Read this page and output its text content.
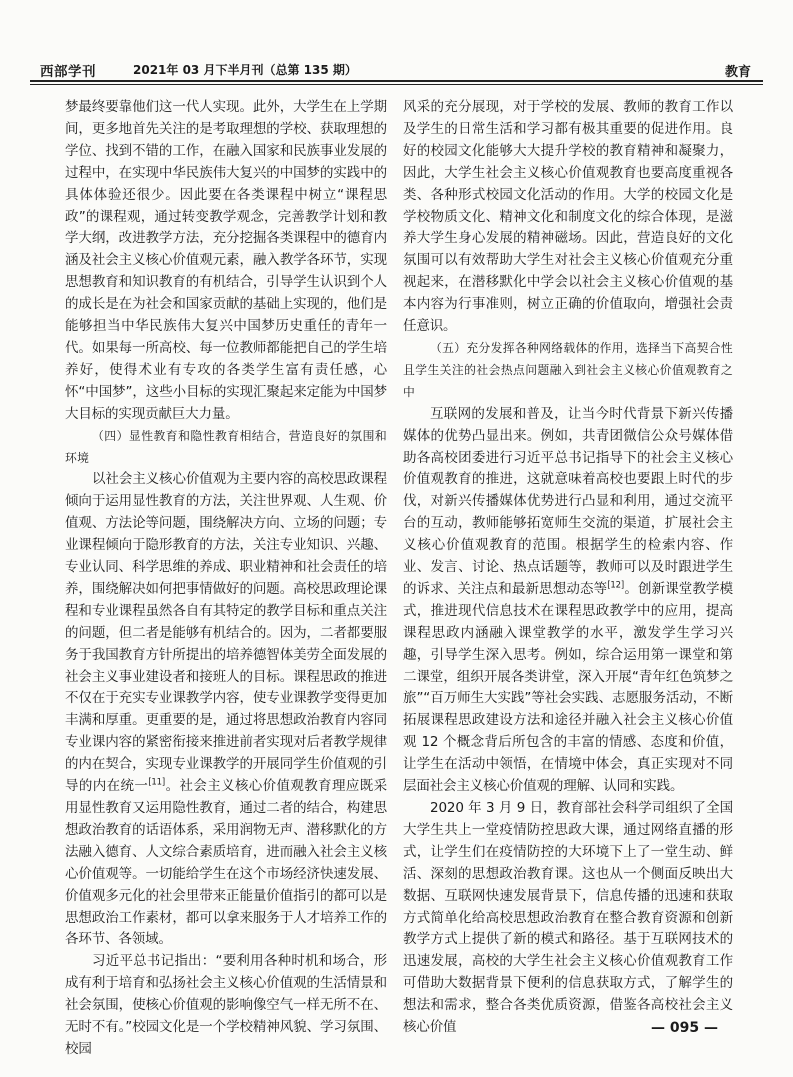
西部学刊	2021年 03 月下半月刊（总第 135 期）	教育

梦最终要靠他们这一代人实现。此外，大学生在上学期间，更多地首先关注的是考取理想的学校、获取理想的学位、找到不错的工作，在融入国家和民族事业发展的过程中，在实现中华民族伟大复兴的中国梦的实践中的具体体验还很少。因此要在各类课程中树立“课程思政”的课程观，通过转变教学观念，完善教学计划和教学大纲，改进教学方法，充分挖掘各类课程中的德育内涵及社会主义核心价值观元素，融入教学各环节，实现思想教育和知识教育的有机结合，引导学生认识到个人的成长是在为社会和国家贡献的基础上实现的，他们是能够担当中华民族伟大复兴中国梦历史重任的青年一代。如果每一所高校、每一位教师都能把自己的学生培养好，使得术业有专攻的各类学生富有责任感，心怀“中国梦”，这些小目标的实现汇聚起来定能为中国梦大目标的实现贡献巨大力量。

（四）显性教育和隐性教育相结合，营造良好的氛围和环境

以社会主义核心价值观为主要内容的高校思政课程倾向于运用显性教育的方法，关注世界观、人生观、价值观、方法论等问题，围绕解决方向、立场的问题；专业课程倾向于隐形教育的方法，关注专业知识、兴趣、专业认同、科学思维的养成、职业精神和社会责任的培养，围绕解决如何把事情做好的问题。高校思政理论课程和专业课程虽然各自有其特定的教学目标和重点关注的问题，但二者是能够有机结合的。因为，二者都要服务于我国教育方针所提出的培养德智体美劳全面发展的社会主义事业建设者和接班人的目标。课程思政的推进不仅在于充实专业课教学内容，使专业课教学变得更加丰满和厚重。更重要的是，通过将思想政治教育内容同专业课内容的紧密衔接来推进前者实现对后者教学规律的内在契合，实现专业课教学的开展同学生价值观的引导的内在统一[11]。社会主义核心价值观教育理应既采用显性教育又运用隐性教育，通过二者的结合，构建思想政治教育的话语体系，采用润物无声、潜移默化的方法融入德育、人文综合素质培育，进而融入社会主义核心价值观等。一切能给学生在这个市场经济快速发展、价值观多元化的社会里带来正能量价值指引的都可以是思想政治工作素材，都可以拿来服务于人才培养工作的各环节、各领域。

习近平总书记指出：“要利用各种时机和场合，形成有利于培育和弘扬社会主义核心价值观的生活情景和社会氛围，使核心价值观的影响像空气一样无所不在、无时不有。”校园文化是一个学校精神风貌、学习氛围、校园

风采的充分展现，对于学校的发展、教师的教育工作以及学生的日常生活和学习都有极其重要的促进作用。良好的校园文化能够大大提升学校的教育精神和凝聚力，因此，大学生社会主义核心价值观教育也要高度重视各类、各种形式校园文化活动的作用。大学的校园文化是学校物质文化、精神文化和制度文化的综合体现，是滋养大学生身心发展的精神磁场。因此，营造良好的文化氛围可以有效帮助大学生对社会主义核心价值观充分重视起来，在潜移默化中学会以社会主义核心价值观的基本内容为行事准则，树立正确的价值取向，增强社会责任意识。

（五）充分发挥各种网络载体的作用，选择当下高契合性且学生关注的社会热点问题融入到社会主义核心价值观教育之中

互联网的发展和普及，让当今时代背景下新兴传播媒体的优势凸显出来。例如，共青团微信公众号媒体借助各高校团委进行习近平总书记指导下的社会主义核心价值观教育的推进，这就意味着高校也要跟上时代的步伐，对新兴传播媒体优势进行凸显和利用，通过交流平台的互动，教师能够拓宽师生交流的渠道，扩展社会主义核心价值观教育的范围。根据学生的检索内容、作业、发言、讨论、热点话题等，教师可以及时跟进学生的诉求、关注点和最新思想动态等[12]。创新课堂教学模式，推进现代信息技术在课程思政教学中的应用，提高课程思政内涵融入课堂教学的水平，激发学生学习兴趣，引导学生深入思考。例如，综合运用第一课堂和第二课堂，组织开展各类讲堂，深入开展“青年红色筑梦之旅”“百万师生大实践”等社会实践、志愿服务活动，不断拓展课程思政建设方法和途径并融入社会主义核心价值观 12 个概念背后所包含的丰富的情感、态度和价值，让学生在活动中领悟，在情境中体会，真正实现对不同层面社会主义核心价值观的理解、认同和实践。

2020 年 3 月 9 日，教育部社会科学司组织了全国大学生共上一堂疫情防控思政大课，通过网络直播的形式，让学生们在疫情防控的大环境下上了一堂生动、鲜活、深刻的思想政治教育课。这也从一个侧面反映出大数据、互联网快速发展背景下，信息传播的迅速和获取方式简单化给高校思想政治教育在整合教育资源和创新教学方式上提供了新的模式和路径。基于互联网技术的迅速发展，高校的大学生社会主义核心价值观教育工作可借助大数据背景下便利的信息获取方式，了解学生的想法和需求，整合各类优质资源，借鉴各高校社会主义核心价值	— 095 —
